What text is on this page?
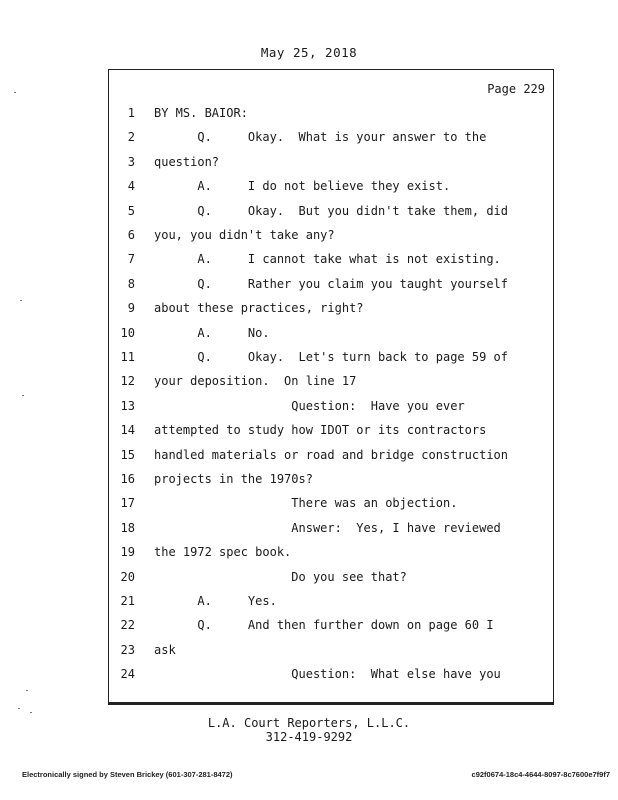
May 25, 2018
Page 229
1 BY MS. BAIOR:
2 Q.     Okay.  What is your answer to the
3 question?
4 A.     I do not believe they exist.
5 Q.     Okay.  But you didn't take them, did
6 you, you didn't take any?
7 A.     I cannot take what is not existing.
8 Q.     Rather you claim you taught yourself
9 about these practices, right?
10 A.     No.
11 Q.     Okay.  Let's turn back to page 59 of
12 your deposition.  On line 17
13 Question:  Have you ever
14 attempted to study how IDOT or its contractors
15 handled materials or road and bridge construction
16 projects in the 1970s?
17 There was an objection.
18 Answer:  Yes, I have reviewed
19 the 1972 spec book.
20 Do you see that?
21 A.     Yes.
22 Q.     And then further down on page 60 I
23 ask
24 Question:  What else have you
L.A. Court Reporters, L.L.C.
312-419-9292
Electronically signed by Steven Brickey (601-307-281-8472)	c92f0674-18c4-4644-8097-8c7600e7f9f7
